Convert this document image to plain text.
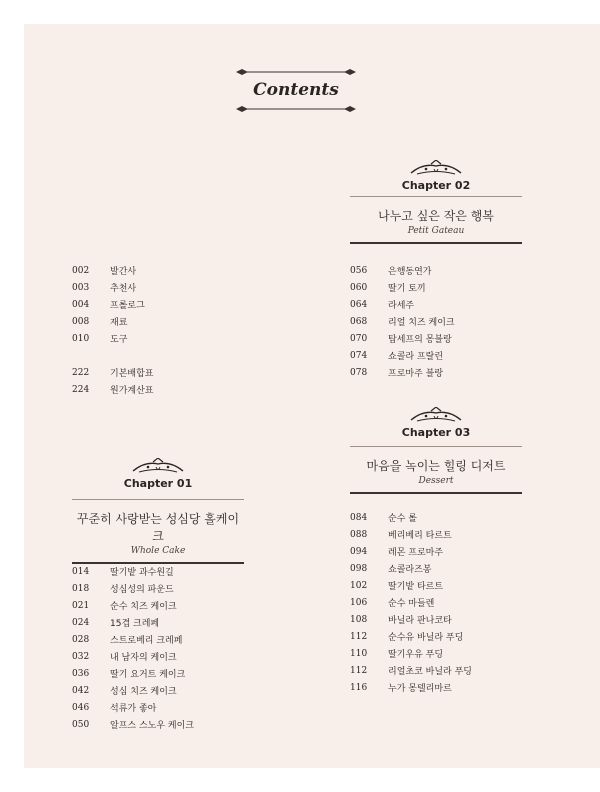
Contents
002	발간사
003	추천사
004	프롤로그
008	재료
010	도구
222	기본배합표
224	원가계산표
Chapter 02
나누고 싶은 작은 행복
Petit Gateau
056	은행동연가
060	딸기 토끼
064	라세주
068	리얼 치즈 케이크
070	탑세프의 몽블랑
074	쇼콜라 프랄린
078	프로마주 블랑
Chapter 03
마음을 녹이는 힐링 디저트
Dessert
084	순수 롤
088	베리베리 타르트
094	레몬 프로마주
098	쇼콜라즈봉
102	딸기밭 타르트
106	순수 마들렌
108	바닐라 판나코타
112	순수유 바닐라 푸딩
110	딸기우유 푸딩
112	리얼초코 바닐라 푸딩
116	누가 몽텔리마르
Chapter 01
꾸준히 사랑받는 성심당 홀케이크
Whole Cake
014	딸기밭 과수원길
018	성심성의 파운드
021	순수 치즈 케이크
024	15겹 크레페
028	스트로베리 크레페
032	내 남자의 케이크
036	딸기 요거트 케이크
042	성심 치즈 케이크
046	석류가 좋아
050	알프스 스노우 케이크
